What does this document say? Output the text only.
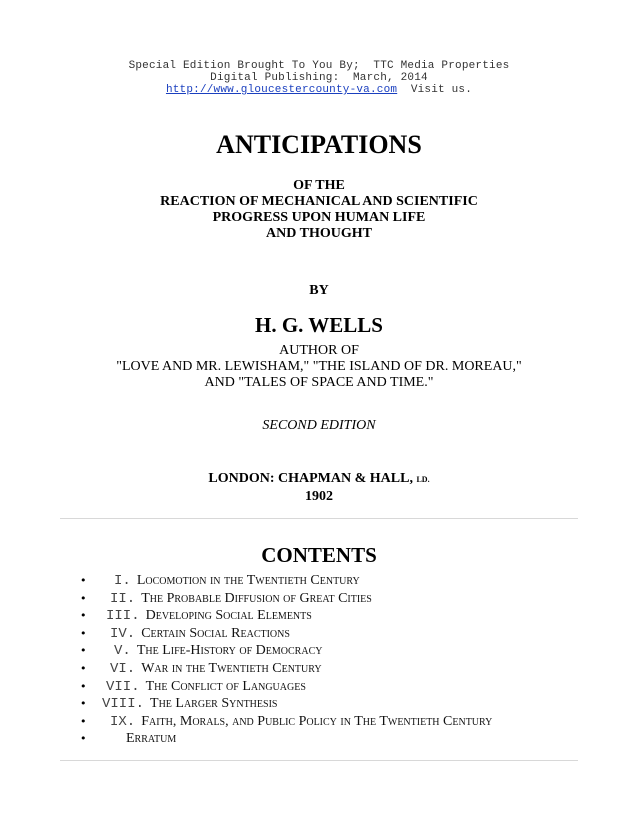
Special Edition Brought To You By;  TTC Media Properties
Digital Publishing:  March, 2014
http://www.gloucestercounty-va.com Visit us.
ANTICIPATIONS
OF THE
REACTION OF MECHANICAL AND SCIENTIFIC
PROGRESS UPON HUMAN LIFE
AND THOUGHT
BY
H. G. WELLS
AUTHOR OF
"LOVE AND MR. LEWISHAM," "THE ISLAND OF DR. MOREAU,"
AND "TALES OF SPACE AND TIME."
SECOND EDITION
LONDON: CHAPMAN & HALL, LD.
1902
CONTENTS
• I. Locomotion in the Twentieth Century
• II. The Probable Diffusion of Great Cities
• III. Developing Social Elements
• IV. Certain Social Reactions
• V. The Life-History of Democracy
• VI. War in the Twentieth Century
• VII. The Conflict of Languages
• VIII. The Larger Synthesis
• IX. Faith, Morals, and Public Policy in The Twentieth Century
•	Erratum
